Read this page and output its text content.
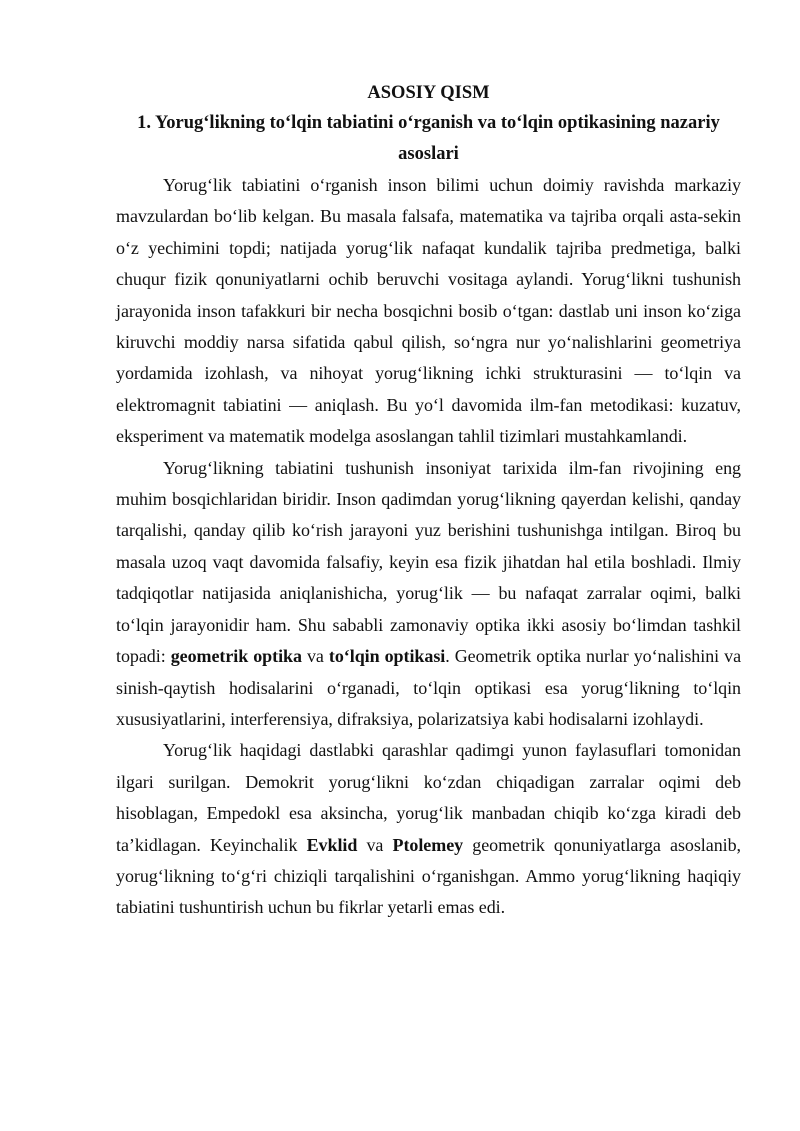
ASOSIY QISM

1. Yorug‘likning to‘lqin tabiatini o‘rganish va to‘lqin optikasining nazariy asoslari

Yorug‘lik tabiatini o‘rganish inson bilimi uchun doimiy ravishda markaziy mavzulardan bo‘lib kelgan. Bu masala falsafa, matematika va tajriba orqali asta-sekin o‘z yechimini topdi; natijada yorug‘lik nafaqat kundalik tajriba predmetiga, balki chuqur fizik qonuniyatlarni ochib beruvchi vositaga aylandi. Yorug‘likni tushunish jarayonida inson tafakkuri bir necha bosqichni bosib o‘tgan: dastlab uni inson ko‘ziga kiruvchi moddiy narsa sifatida qabul qilish, so‘ngra nur yo‘nalishlarini geometriya yordamida izohlash, va nihoyat yorug‘likning ichki strukturasini — to‘lqin va elektromagnit tabiatini — aniqlash. Bu yo‘l davomida ilm-fan metodikasi: kuzatuv, eksperiment va matematik modelga asoslangan tahlil tizimlari mustahkamlandi.

Yorug‘likning tabiatini tushunish insoniyat tarixida ilm-fan rivojining eng muhim bosqichlaridan biridir. Inson qadimdan yorug‘likning qayerdan kelishi, qanday tarqalishi, qanday qilib ko‘rish jarayoni yuz berishini tushunishga intilgan. Biroq bu masala uzoq vaqt davomida falsafiy, keyin esa fizik jihatdan hal etila boshladi. Ilmiy tadqiqotlar natijasida aniqlanishicha, yorug‘lik — bu nafaqat zarralar oqimi, balki to‘lqin jarayonidir ham. Shu sababli zamonaviy optika ikki asosiy bo‘limdan tashkil topadi: geometrik optika va to‘lqin optikasi. Geometrik optika nurlar yo‘nalishini va sinish-qaytish hodisalarini o‘rganadi, to‘lqin optikasi esa yorug‘likning to‘lqin xususiyatlarini, interferensiya, difraksiya, polarizatsiya kabi hodisalarni izohlaydi.

Yorug‘lik haqidagi dastlabki qarashlar qadimgi yunon faylasuflari tomonidan ilgari surilgan. Demokrit yorug‘likni ko‘zdan chiqadigan zarralar oqimi deb hisoblagan, Empedokl esa aksincha, yorug‘lik manbadan chiqib ko‘zga kiradi deb ta’kidlagan. Keyinchalik Evklid va Ptolemey geometrik qonuniyatlarga asoslanib, yorug‘likning to‘g‘ri chiziqli tarqalishini o‘rganishgan. Ammo yorug‘likning haqiqiy tabiatini tushuntirish uchun bu fikrlar yetarli emas edi.
